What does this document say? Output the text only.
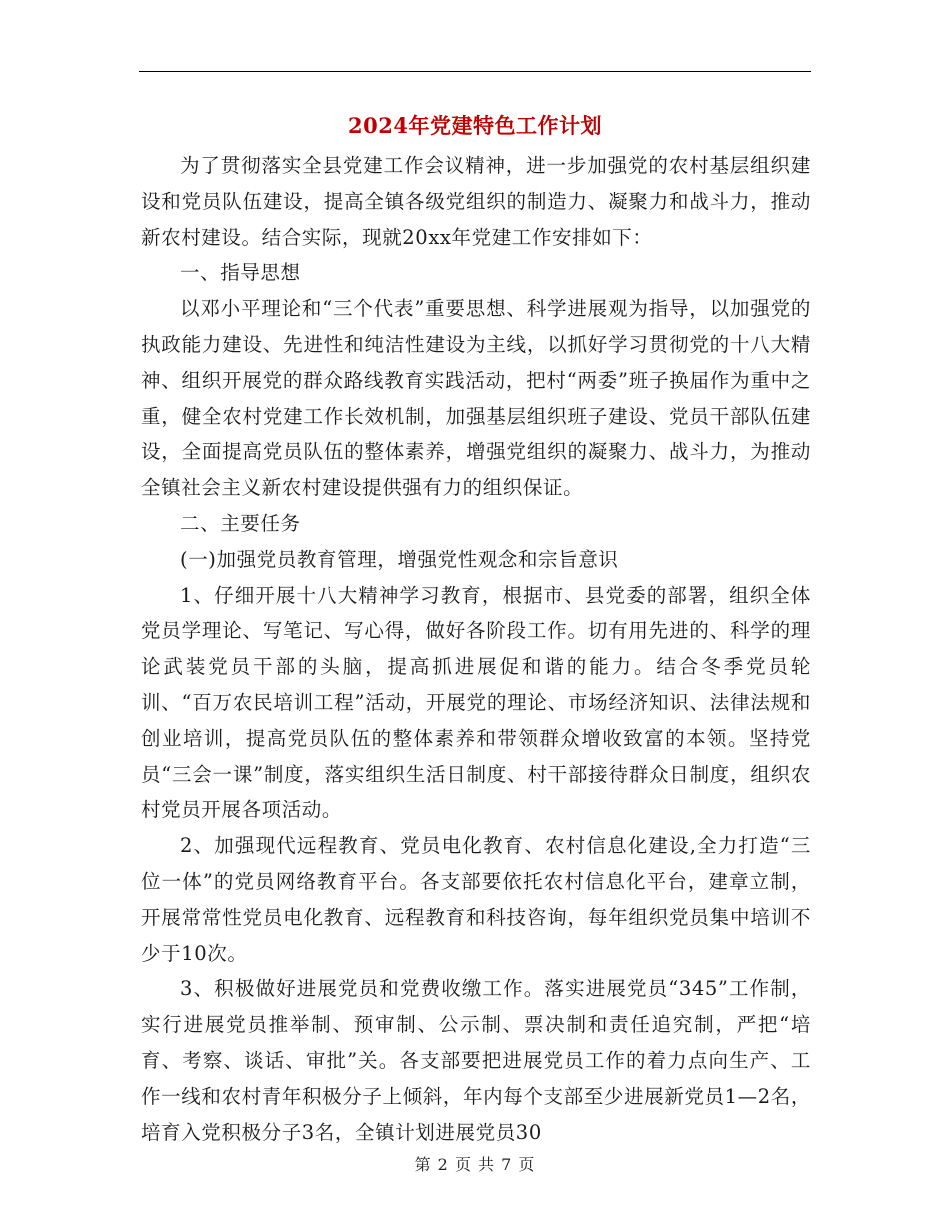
2024年党建特色工作计划

为了贯彻落实全县党建工作会议精神，进一步加强党的农村基层组织建设和党员队伍建设，提高全镇各级党组织的制造力、凝聚力和战斗力，推动新农村建设。结合实际，现就20xx年党建工作安排如下：

一、指导思想

以邓小平理论和“三个代表”重要思想、科学进展观为指导，以加强党的执政能力建设、先进性和纯洁性建设为主线，以抓好学习贯彻党的十八大精神、组织开展党的群众路线教育实践活动，把村“两委”班子换届作为重中之重，健全农村党建工作长效机制，加强基层组织班子建设、党员干部队伍建设，全面提高党员队伍的整体素养，增强党组织的凝聚力、战斗力，为推动全镇社会主义新农村建设提供强有力的组织保证。

二、主要任务

(一)加强党员教育管理，增强党性观念和宗旨意识

1、仔细开展十八大精神学习教育，根据市、县党委的部署，组织全体党员学理论、写笔记、写心得，做好各阶段工作。切有用先进的、科学的理论武装党员干部的头脑，提高抓进展促和谐的能力。结合冬季党员轮训、“百万农民培训工程”活动，开展党的理论、市场经济知识、法律法规和创业培训，提高党员队伍的整体素养和带领群众增收致富的本领。坚持党员“三会一课”制度，落实组织生活日制度、村干部接待群众日制度，组织农村党员开展各项活动。

2、加强现代远程教育、党员电化教育、农村信息化建设,全力打造“三位一体”的党员网络教育平台。各支部要依托农村信息化平台，建章立制，开展常常性党员电化教育、远程教育和科技咨询，每年组织党员集中培训不少于10次。

3、积极做好进展党员和党费收缴工作。落实进展党员“345”工作制，实行进展党员推举制、预审制、公示制、票决制和责任追究制，严把“培育、考察、谈话、审批”关。各支部要把进展党员工作的着力点向生产、工作一线和农村青年积极分子上倾斜，年内每个支部至少进展新党员1—2名，培育入党积极分子3名，全镇计划进展党员30

第 2 页 共 7 页
